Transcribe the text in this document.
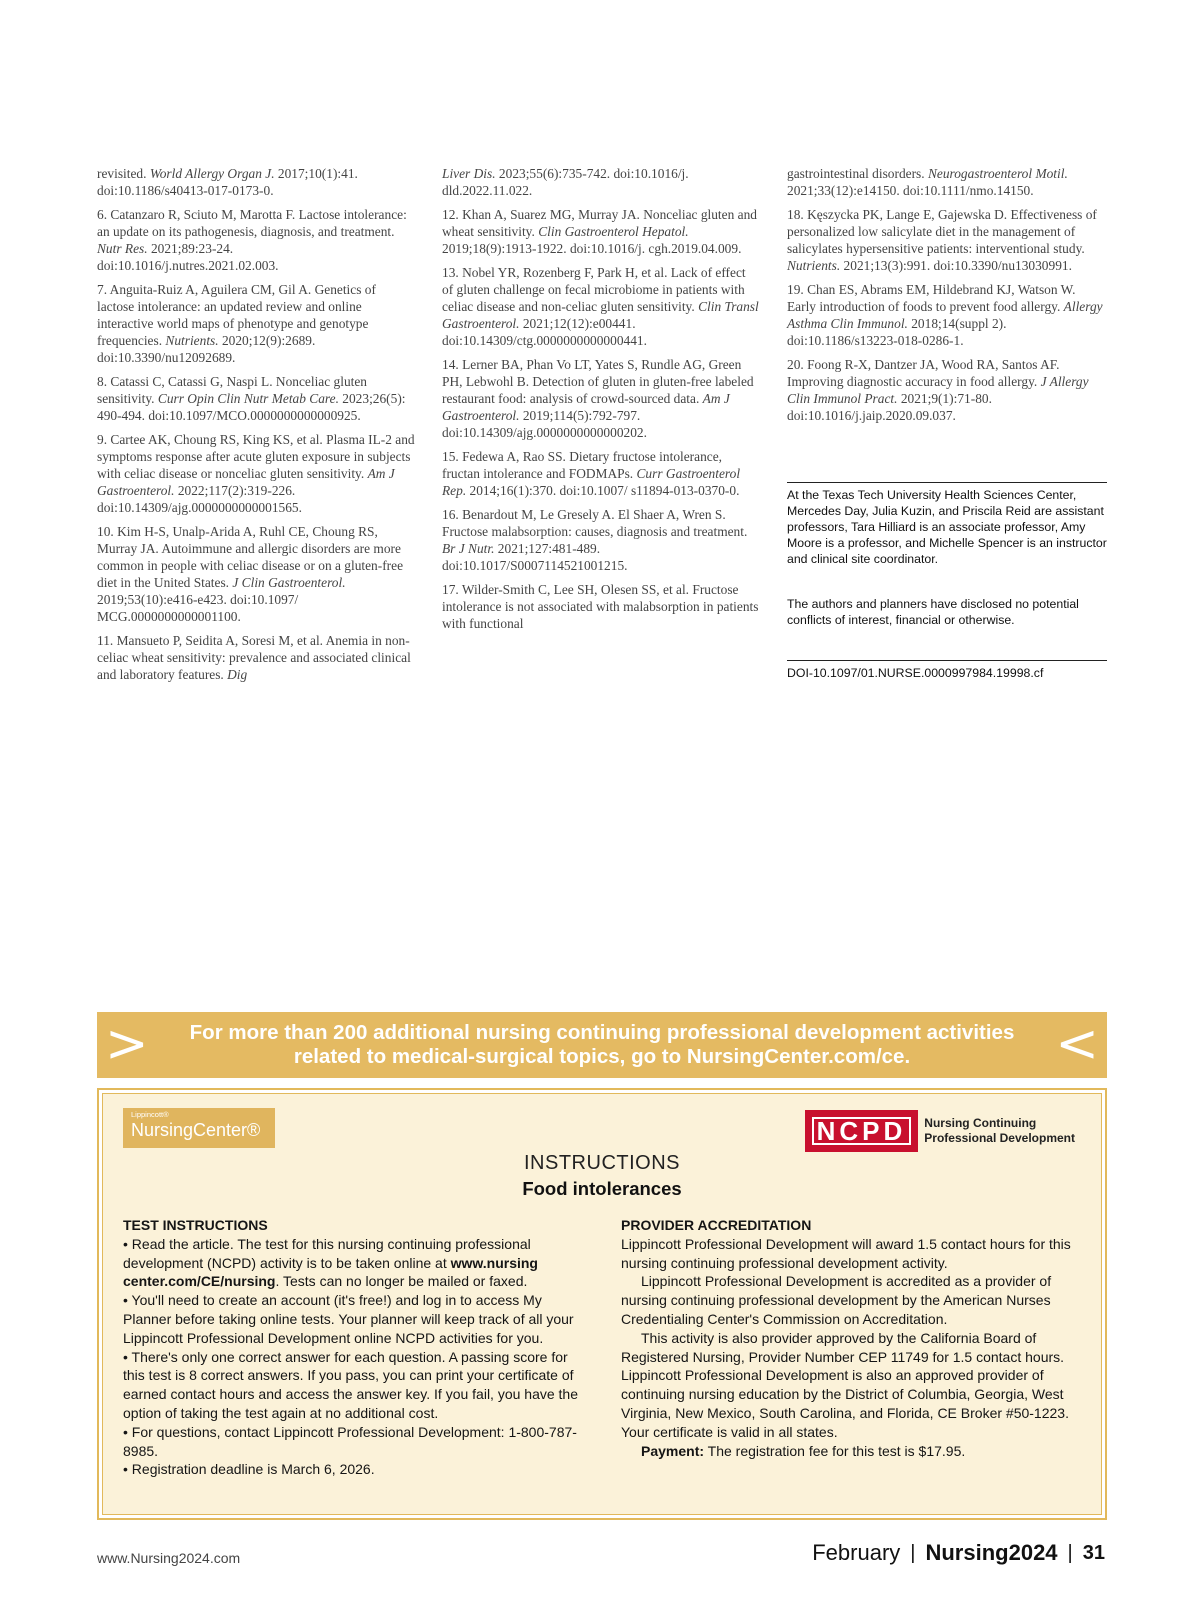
revisited. World Allergy Organ J. 2017;10(1):41. doi:10.1186/s40413-017-0173-0.
6. Catanzaro R, Sciuto M, Marotta F. Lactose intolerance: an update on its pathogenesis, diagnosis, and treatment. Nutr Res. 2021;89:23-24. doi:10.1016/j.nutres.2021.02.003.
7. Anguita-Ruiz A, Aguilera CM, Gil A. Genetics of lactose intolerance: an updated review and online interactive world maps of phenotype and genotype frequencies. Nutrients. 2020;12(9):2689. doi:10.3390/nu12092689.
8. Catassi C, Catassi G, Naspi L. Nonceliac gluten sensitivity. Curr Opin Clin Nutr Metab Care. 2023;26(5): 490-494. doi:10.1097/MCO.0000000000000925.
9. Cartee AK, Choung RS, King KS, et al. Plasma IL-2 and symptoms response after acute gluten exposure in subjects with celiac disease or nonceliac gluten sensitivity. Am J Gastroenterol. 2022;117(2):319-226. doi:10.14309/ajg.0000000000001565.
10. Kim H-S, Unalp-Arida A, Ruhl CE, Choung RS, Murray JA. Autoimmune and allergic disorders are more common in people with celiac disease or on a gluten-free diet in the United States. J Clin Gastroenterol. 2019;53(10):e416-e423. doi:10.1097/ MCG.0000000000001100.
11. Mansueto P, Seidita A, Soresi M, et al. Anemia in non-celiac wheat sensitivity: prevalence and associated clinical and laboratory features. Dig
Liver Dis. 2023;55(6):735-742. doi:10.1016/j. dld.2022.11.022.
12. Khan A, Suarez MG, Murray JA. Nonceliac gluten and wheat sensitivity. Clin Gastroenterol Hepatol. 2019;18(9):1913-1922. doi:10.1016/j. cgh.2019.04.009.
13. Nobel YR, Rozenberg F, Park H, et al. Lack of effect of gluten challenge on fecal microbiome in patients with celiac disease and non-celiac gluten sensitivity. Clin Transl Gastroenterol. 2021;12(12):e00441. doi:10.14309/ctg.0000000000000441.
14. Lerner BA, Phan Vo LT, Yates S, Rundle AG, Green PH, Lebwohl B. Detection of gluten in gluten-free labeled restaurant food: analysis of crowd-sourced data. Am J Gastroenterol. 2019;114(5):792-797. doi:10.14309/ajg.0000000000000202.
15. Fedewa A, Rao SS. Dietary fructose intolerance, fructan intolerance and FODMAPs. Curr Gastroenterol Rep. 2014;16(1):370. doi:10.1007/ s11894-013-0370-0.
16. Benardout M, Le Gresely A. El Shaer A, Wren S. Fructose malabsorption: causes, diagnosis and treatment. Br J Nutr. 2021;127:481-489. doi:10.1017/S0007114521001215.
17. Wilder-Smith C, Lee SH, Olesen SS, et al. Fructose intolerance is not associated with malabsorption in patients with functional
gastrointestinal disorders. Neurogastroenterol Motil. 2021;33(12):e14150. doi:10.1111/nmo.14150.
18. Kęszycka PK, Lange E, Gajewska D. Effectiveness of personalized low salicylate diet in the management of salicylates hypersensitive patients: interventional study. Nutrients. 2021;13(3):991. doi:10.3390/nu13030991.
19. Chan ES, Abrams EM, Hildebrand KJ, Watson W. Early introduction of foods to prevent food allergy. Allergy Asthma Clin Immunol. 2018;14(suppl 2). doi:10.1186/s13223-018-0286-1.
20. Foong R-X, Dantzer JA, Wood RA, Santos AF. Improving diagnostic accuracy in food allergy. J Allergy Clin Immunol Pract. 2021;9(1):71-80. doi:10.1016/j.jaip.2020.09.037.
At the Texas Tech University Health Sciences Center, Mercedes Day, Julia Kuzin, and Priscila Reid are assistant professors, Tara Hilliard is an associate professor, Amy Moore is a professor, and Michelle Spencer is an instructor and clinical site coordinator.
The authors and planners have disclosed no potential conflicts of interest, financial or otherwise.
DOI-10.1097/01.NURSE.0000997984.19998.cf
>	For more than 200 additional nursing continuing professional development activities
related to medical-surgical topics, go to NursingCenter.com/ce.	<
Lippincott®
NursingCenter®	NCPD	Nursing Continuing
Professional Development
INSTRUCTIONS
Food intolerances
TEST INSTRUCTIONS
• Read the article. The test for this nursing continuing professional development (NCPD) activity is to be taken online at www.nursing center.com/CE/nursing. Tests can no longer be mailed or faxed.
• You'll need to create an account (it's free!) and log in to access My Planner before taking online tests. Your planner will keep track of all your Lippincott Professional Development online NCPD activities for you.
• There's only one correct answer for each question. A passing score for this test is 8 correct answers. If you pass, you can print your certificate of earned contact hours and access the answer key. If you fail, you have the option of taking the test again at no additional cost.
• For questions, contact Lippincott Professional Development: 1-800-787-8985.
• Registration deadline is March 6, 2026.
PROVIDER ACCREDITATION
Lippincott Professional Development will award 1.5 contact hours for this nursing continuing professional development activity.
Lippincott Professional Development is accredited as a provider of nursing continuing professional development by the American Nurses Credentialing Center's Commission on Accreditation.
This activity is also provider approved by the California Board of Registered Nursing, Provider Number CEP 11749 for 1.5 contact hours. Lippincott Professional Development is also an approved provider of continuing nursing education by the District of Columbia, Georgia, West Virginia, New Mexico, South Carolina, and Florida, CE Broker #50-1223. Your certificate is valid in all states.
Payment: The registration fee for this test is $17.95.
www.Nursing2024.com	February | Nursing2024 | 31
